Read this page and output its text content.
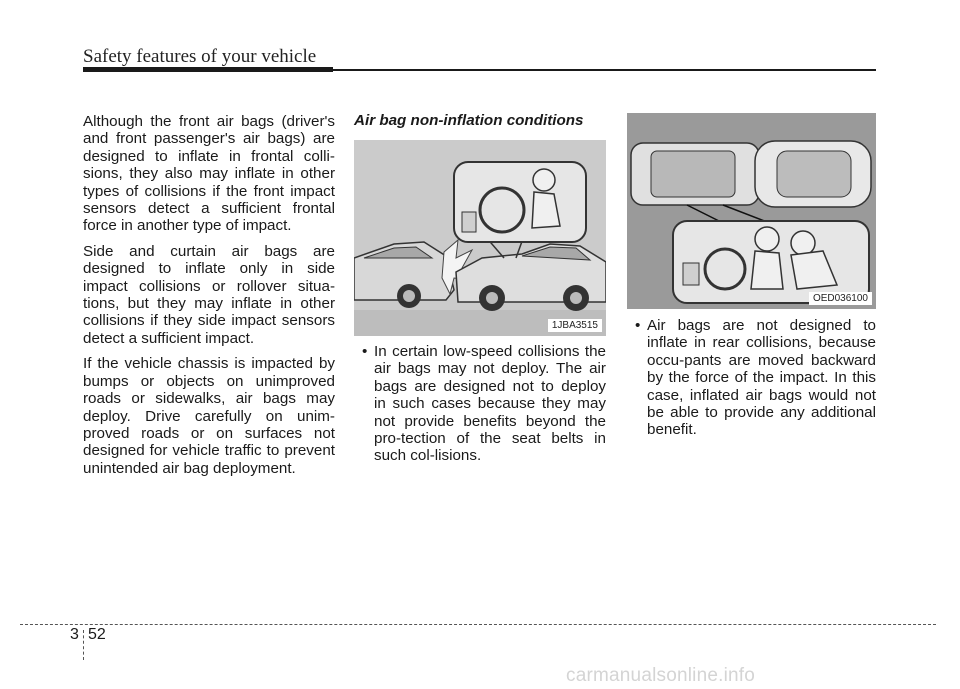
Safety features of your vehicle

Although the front air bags (driver's and front passenger's air bags) are designed to inflate in frontal colli-sions, they also may inflate in other types of collisions if the front impact sensors detect a sufficient frontal force in another type of impact.

Side and curtain air bags are designed to inflate only in side impact collisions or rollover situa-tions, but they may inflate in other collisions if they side impact sensors detect a sufficient impact.

If the vehicle chassis is impacted by bumps or objects on unimproved roads or sidewalks, air bags may deploy. Drive carefully on unim-proved roads or on surfaces not designed for vehicle traffic to prevent unintended air bag deployment.

Air bag non-inflation conditions
1JBA3515
• In certain low-speed collisions the air bags may not deploy. The air bags are designed not to deploy in such cases because they may not provide benefits beyond the pro-tection of the seat belts in such col-lisions.
OED036100
• Air bags are not designed to inflate in rear collisions, because occu-pants are moved backward by the force of the impact. In this case, inflated air bags would not be able to provide any additional benefit.
3 52
carmanualsonline.info
